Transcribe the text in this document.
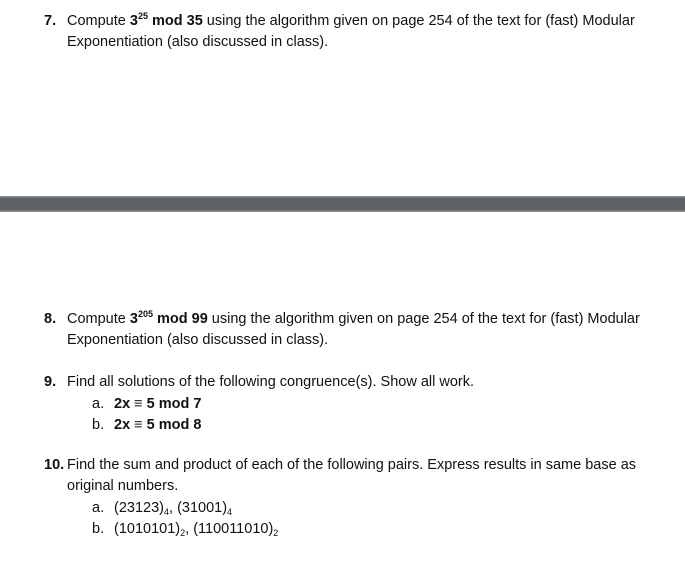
7. Compute $3^{25}$ mod 35 using the algorithm given on page 254 of the text for (fast) Modular Exponentiation (also discussed in class).
8. Compute $3^{205}$ mod 99 using the algorithm given on page 254 of the text for (fast) Modular Exponentiation (also discussed in class).
9. Find all solutions of the following congruence(s). Show all work.
a. 2x ≡ 5 mod 7
b. 2x ≡ 5 mod 8
10. Find the sum and product of each of the following pairs. Express results in same base as original numbers.
a. $(23123)_4$, $(31001)_4$
b. $(1010101)_2$, $(110011010)_2$
